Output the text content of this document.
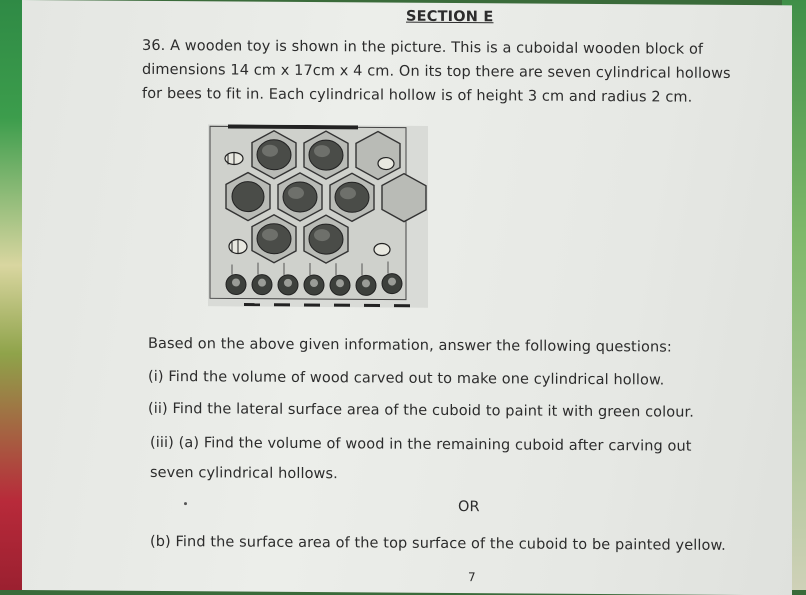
SECTION E
36. A wooden toy is shown in the picture. This is a cuboidal wooden block of
dimensions 14 cm x 17cm x 4 cm. On its top there are seven cylindrical hollows
for bees to fit in. Each cylindrical hollow is of height 3 cm and radius 2 cm.
Based on the above given information, answer the following questions:
(i) Find the volume of wood carved out to make one cylindrical hollow.
(ii) Find the lateral surface area of the cuboid to paint it with green colour.
(iii) (a) Find the volume of wood in the remaining cuboid after carving out
seven cylindrical hollows.
OR
(b) Find the surface area of the top surface of the cuboid to be painted yellow.
7
